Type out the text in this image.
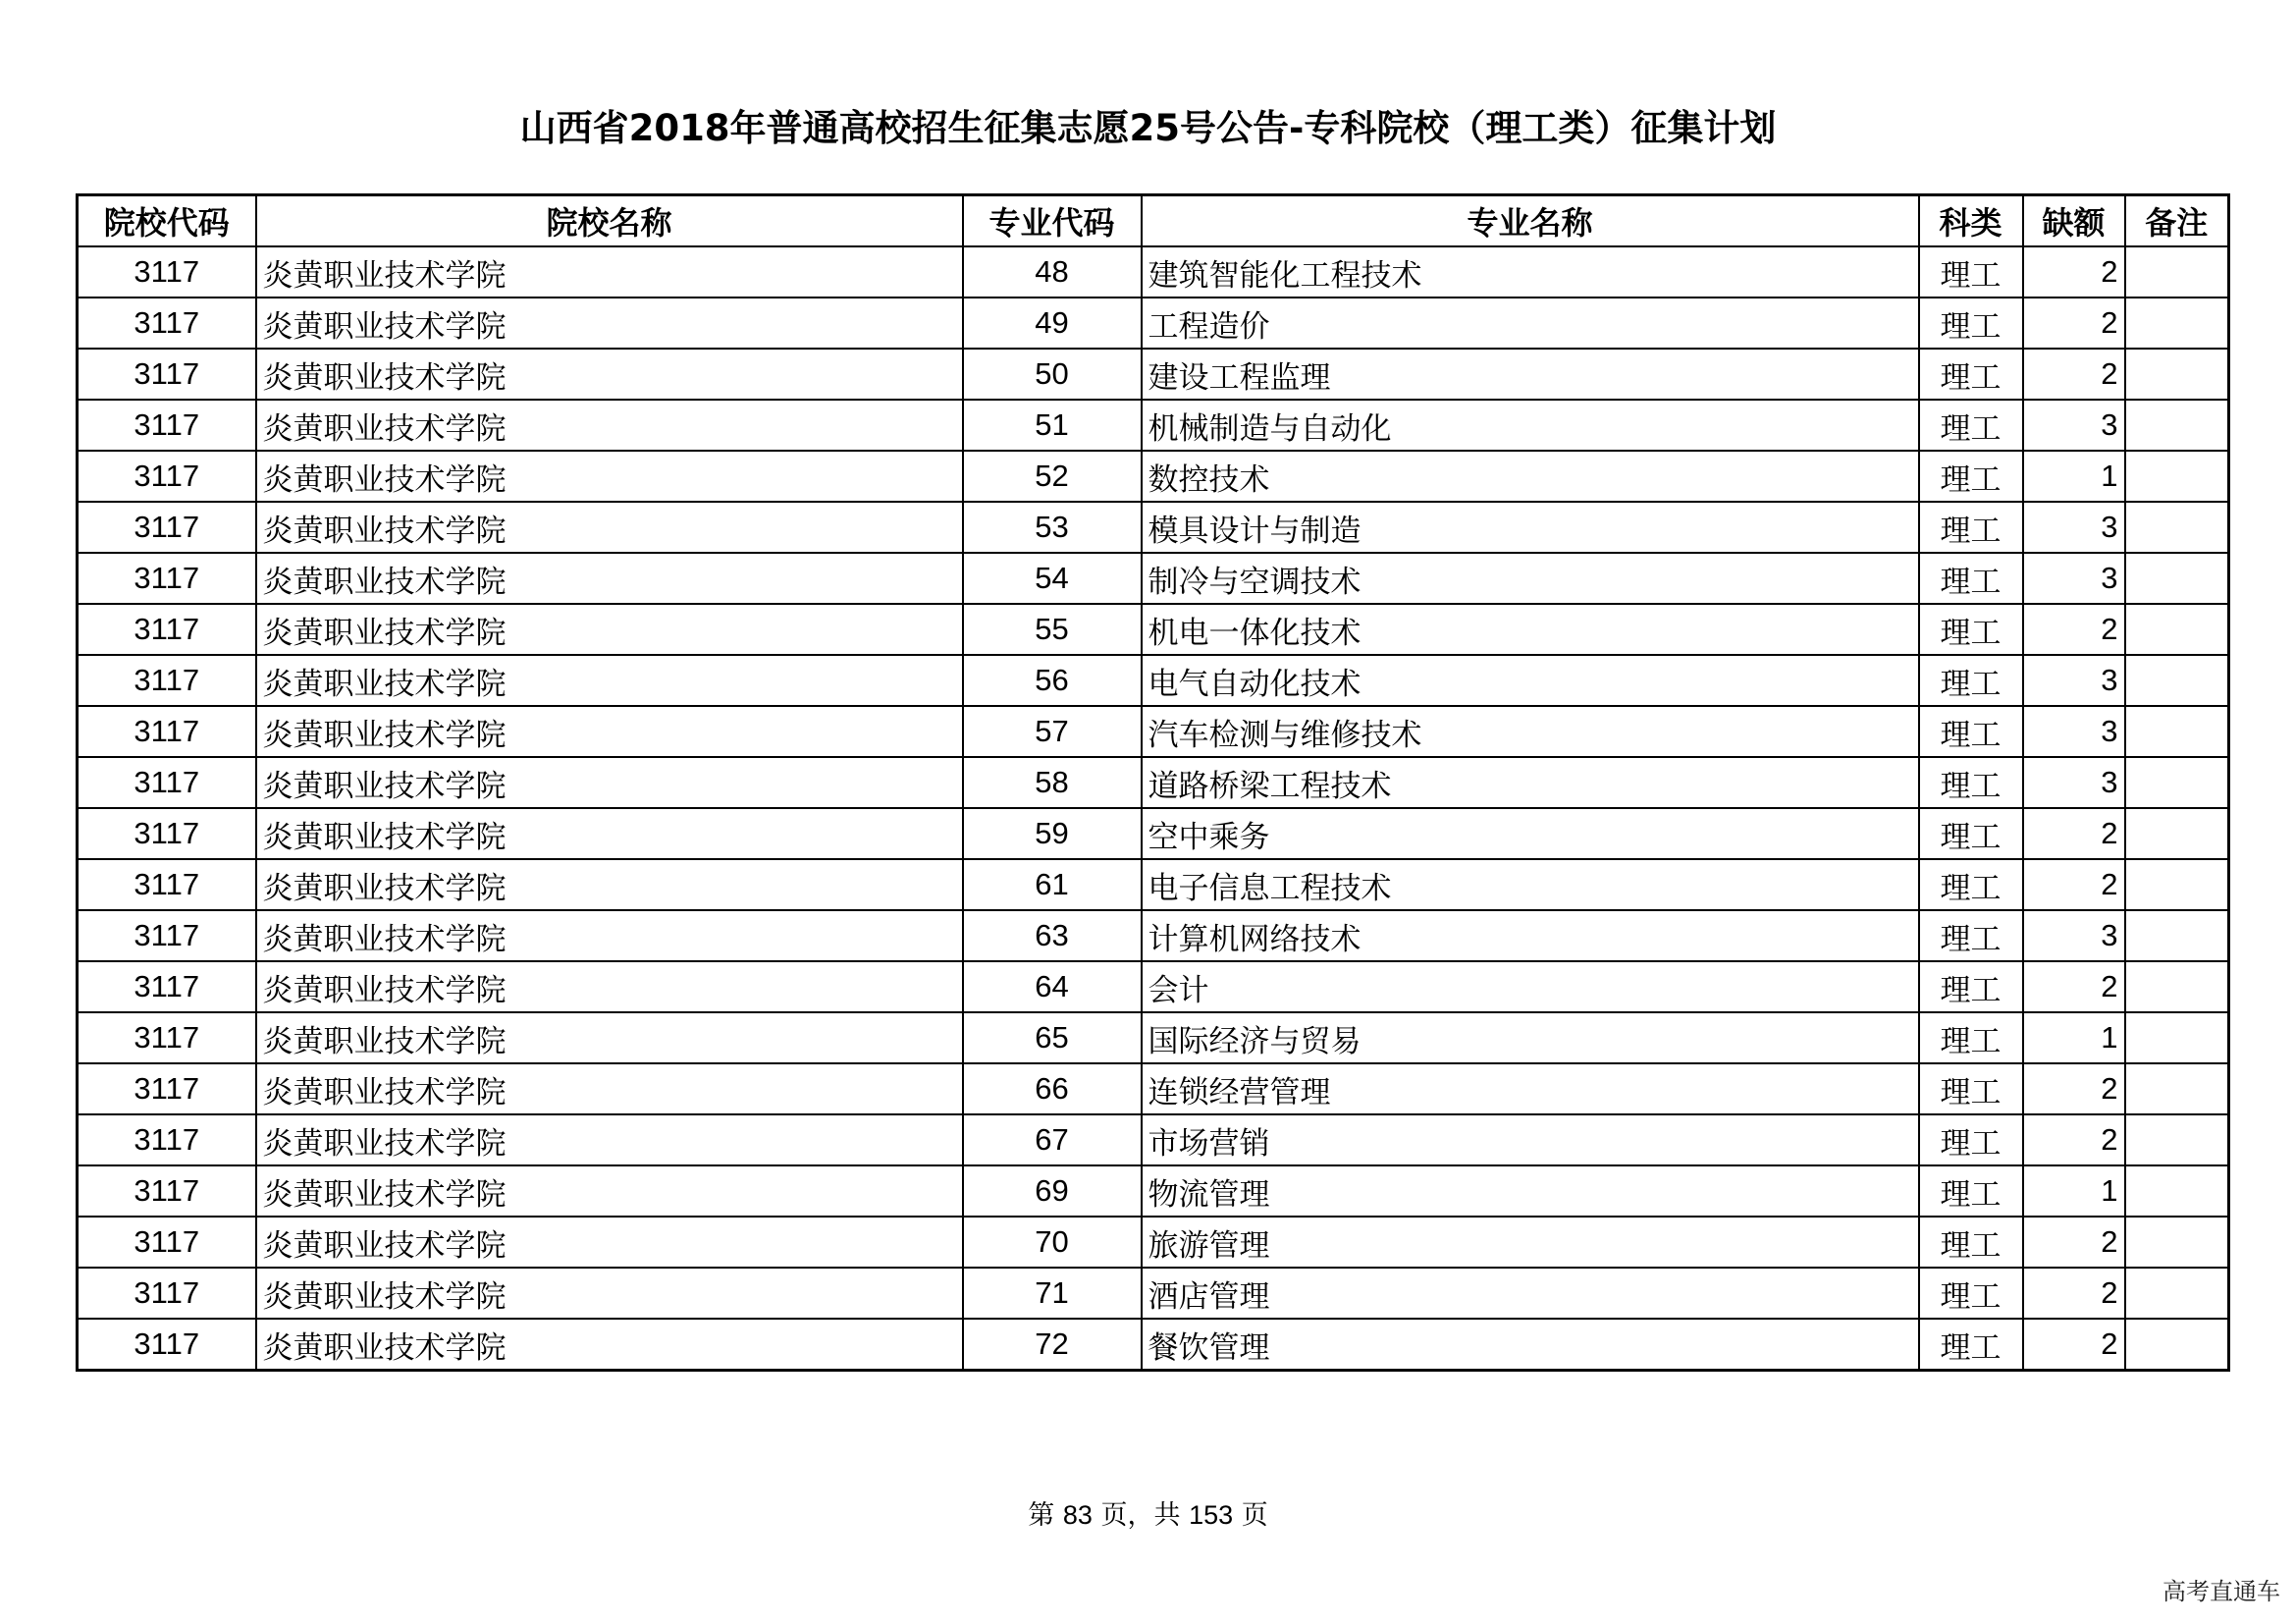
山西省2018年普通高校招生征集志愿25号公告-专科院校（理工类）征集计划
院校代码	院校名称	专业代码	专业名称	科类	缺额	备注
3117	炎黄职业技术学院	48	建筑智能化工程技术	理工	2	
3117	炎黄职业技术学院	49	工程造价	理工	2	
3117	炎黄职业技术学院	50	建设工程监理	理工	2	
3117	炎黄职业技术学院	51	机械制造与自动化	理工	3	
3117	炎黄职业技术学院	52	数控技术	理工	1	
3117	炎黄职业技术学院	53	模具设计与制造	理工	3	
3117	炎黄职业技术学院	54	制冷与空调技术	理工	3	
3117	炎黄职业技术学院	55	机电一体化技术	理工	2	
3117	炎黄职业技术学院	56	电气自动化技术	理工	3	
3117	炎黄职业技术学院	57	汽车检测与维修技术	理工	3	
3117	炎黄职业技术学院	58	道路桥梁工程技术	理工	3	
3117	炎黄职业技术学院	59	空中乘务	理工	2	
3117	炎黄职业技术学院	61	电子信息工程技术	理工	2	
3117	炎黄职业技术学院	63	计算机网络技术	理工	3	
3117	炎黄职业技术学院	64	会计	理工	2	
3117	炎黄职业技术学院	65	国际经济与贸易	理工	1	
3117	炎黄职业技术学院	66	连锁经营管理	理工	2	
3117	炎黄职业技术学院	67	市场营销	理工	2	
3117	炎黄职业技术学院	69	物流管理	理工	1	
3117	炎黄职业技术学院	70	旅游管理	理工	2	
3117	炎黄职业技术学院	71	酒店管理	理工	2	
3117	炎黄职业技术学院	72	餐饮管理	理工	2	
第 83 页，共 153 页
高考直通车
